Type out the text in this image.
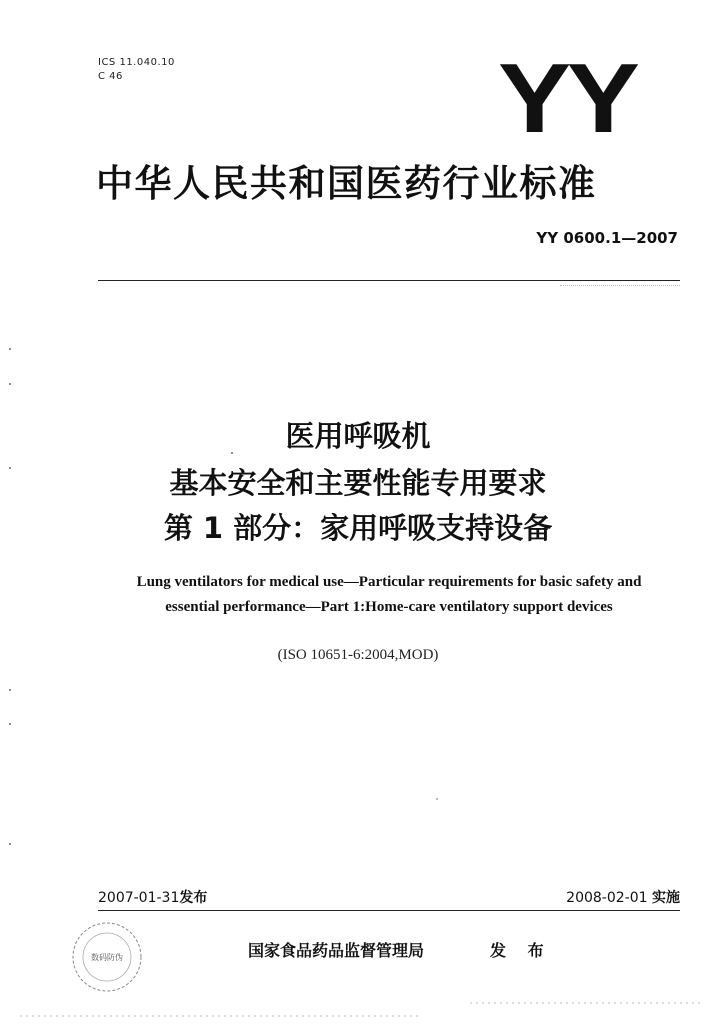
ICS 11.040.10
C 46	YY
中华人民共和国医药行业标准
YY 0600.1—2007
医用呼吸机
基本安全和主要性能专用要求
第 1 部分：家用呼吸支持设备
Lung ventilators for medical use—Particular requirements for basic safety and
essential performance—Part 1:Home-care ventilatory support devices
(ISO 10651-6:2004,MOD)
2007-01-31发布	2008-02-01 实施
数码防伪	国家食品药品监督管理局	发 布
